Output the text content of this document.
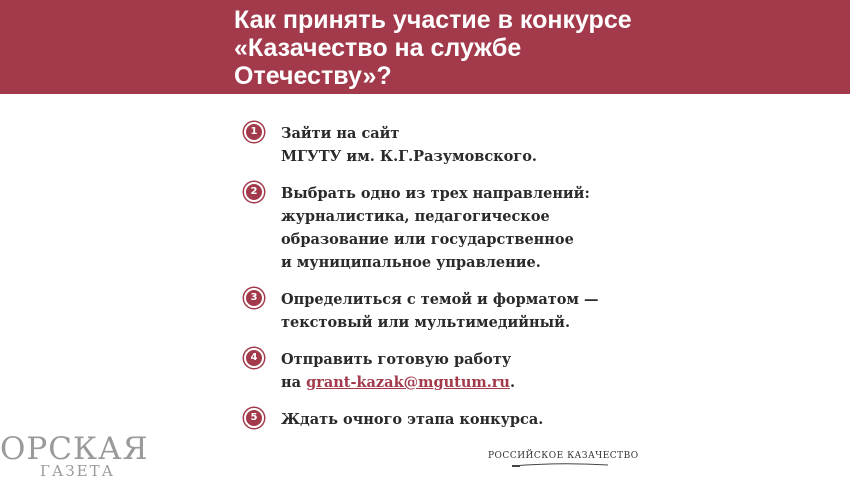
Как принять участие в конкурсе
«Казачество на службе
Отечеству»?
1	Зайти на сайт
МГУТУ им. К.Г.Разумовского.
2	Выбрать одно из трех направлений:
журналистика, педагогическое
образование или государственное
и муниципальное управление.
3	Определиться с темой и форматом —
текстовый или мультимедийный.
4	Отправить готовую работу
на grant-kazak@mgutum.ru.
5	Ждать очного этапа конкурса.
ОРСКАЯ
ГАЗЕТА
РОССИЙСКОЕ КАЗАЧЕСТВО
